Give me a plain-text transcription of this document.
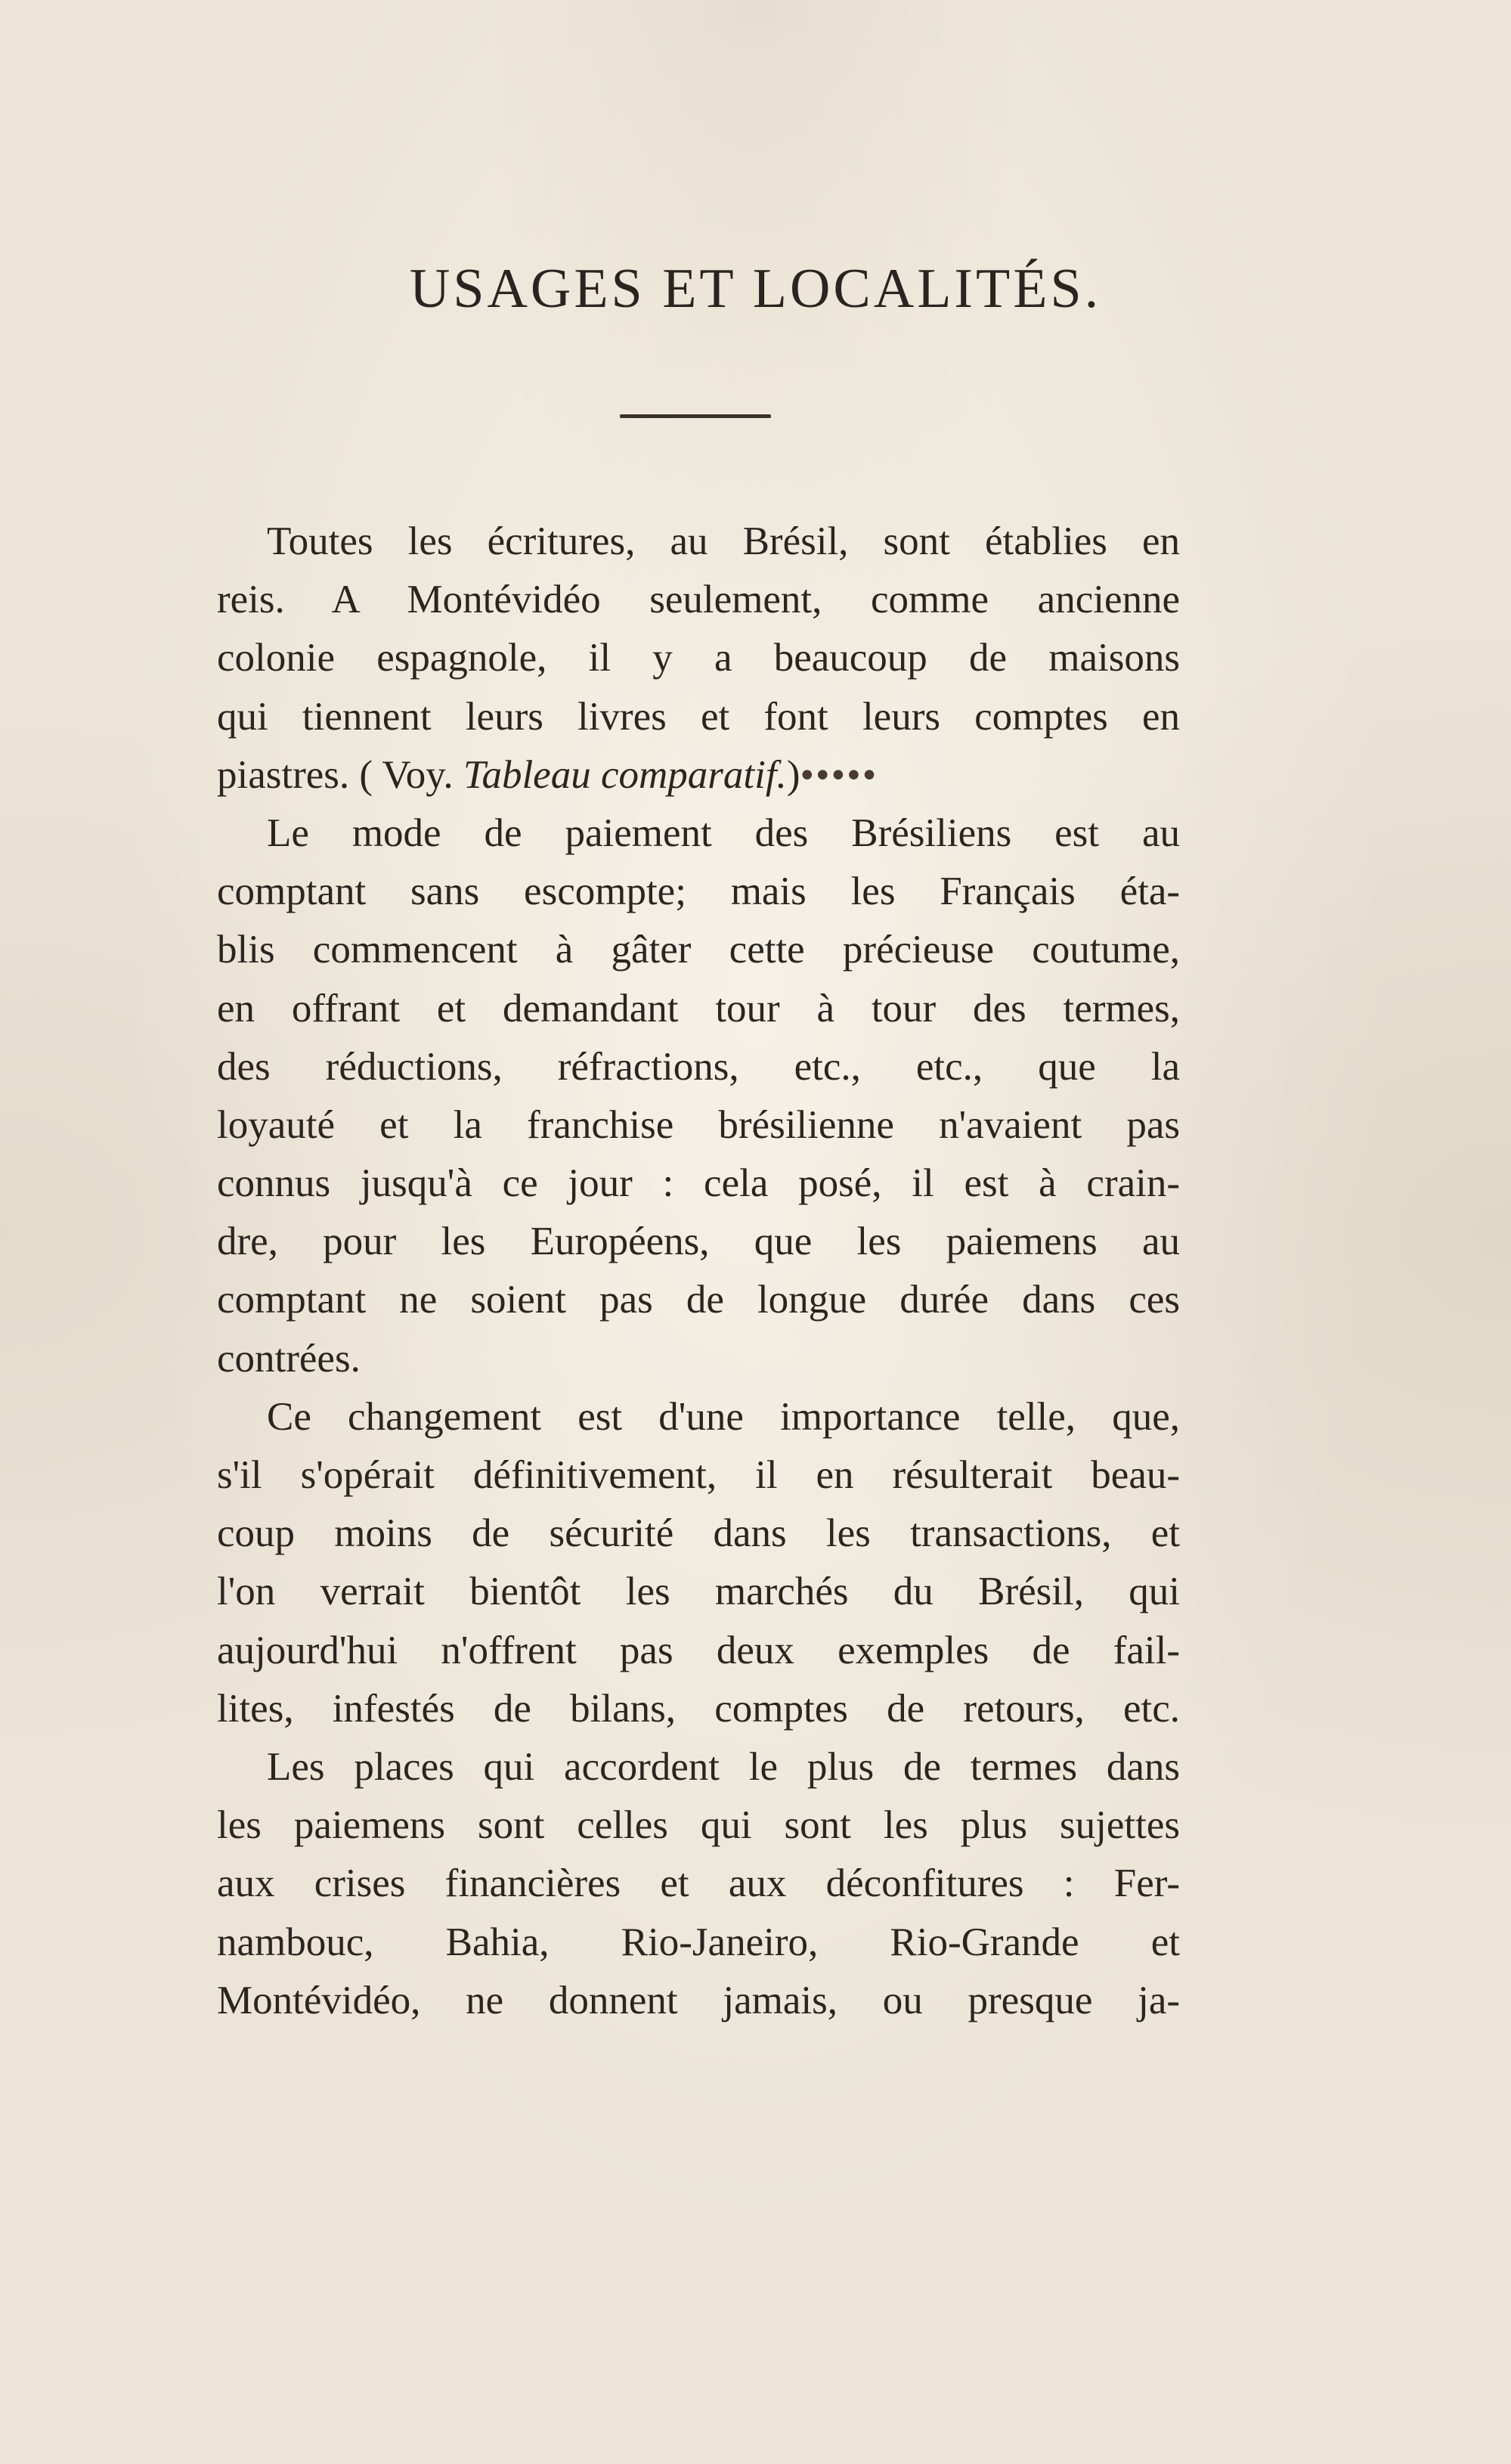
USAGES ET LOCALITÉS.
Toutes les écritures, au Brésil, sont établies en
reis. A Montévidéo seulement, comme ancienne
colonie espagnole, il y a beaucoup de maisons
qui tiennent leurs livres et font leurs comptes en
piastres. ( Voy. Tableau comparatif.)•••••
Le mode de paiement des Brésiliens est au
comptant sans escompte; mais les Français éta-
blis commencent à gâter cette précieuse coutume,
en offrant et demandant tour à tour des termes,
des réductions, réfractions, etc., etc., que la
loyauté et la franchise brésilienne n'avaient pas
connus jusqu'à ce jour : cela posé, il est à crain-
dre, pour les Européens, que les paiemens au
comptant ne soient pas de longue durée dans ces
contrées.
Ce changement est d'une importance telle, que,
s'il s'opérait définitivement, il en résulterait beau-
coup moins de sécurité dans les transactions, et
l'on verrait bientôt les marchés du Brésil, qui
aujourd'hui n'offrent pas deux exemples de fail-
lites, infestés de bilans, comptes de retours, etc.
Les places qui accordent le plus de termes dans
les paiemens sont celles qui sont les plus sujettes
aux crises financières et aux déconfitures : Fer-
nambouc, Bahia, Rio-Janeiro, Rio-Grande et
Montévidéo, ne donnent jamais, ou presque ja-
